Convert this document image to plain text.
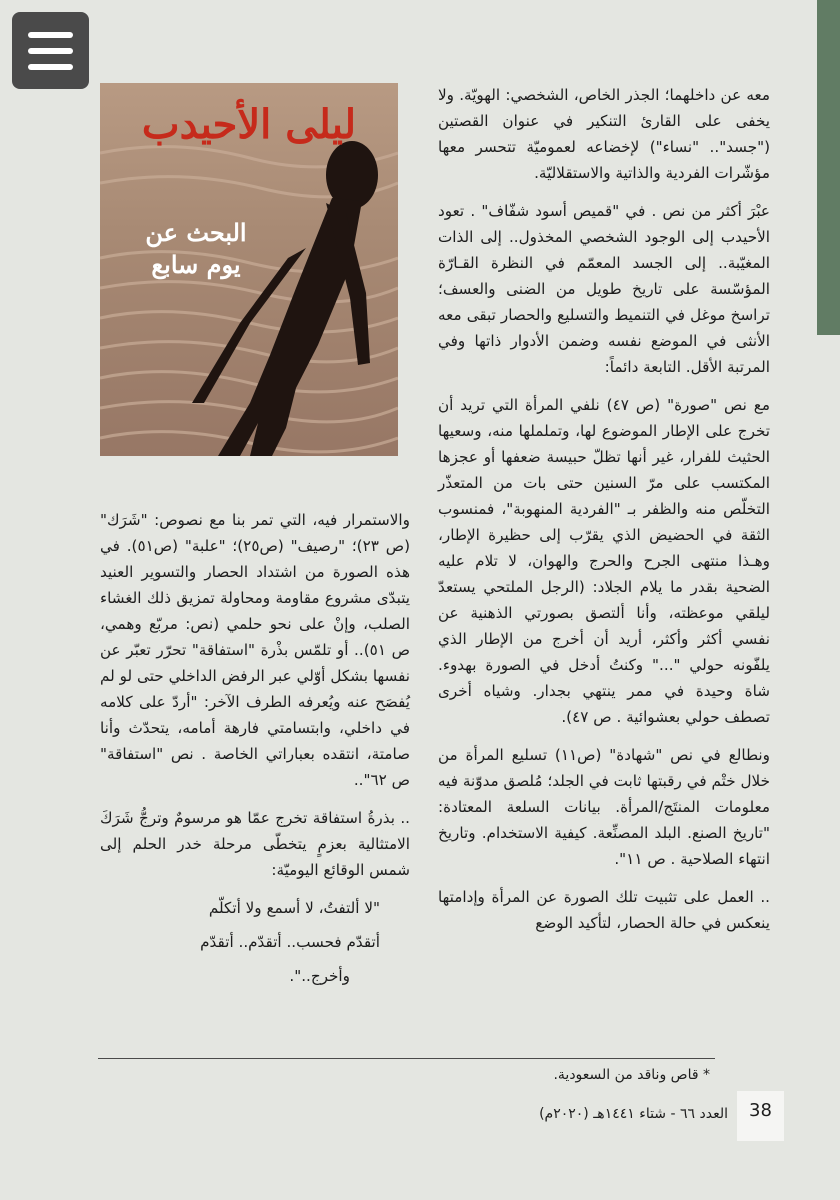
ليلى الأحيدب
البحث عن
يوم سابع

معه عن داخلهما؛ الجذر الخاص، الشخصي: الهويّة. ولا يخفى على القارئ التنكير في عنوان القصتين ("جسد".. "نساء") لإخضاعه لعموميّة تتحسر معها مؤشّرات الفردية والذاتية والاستقلاليّة.

عبْرَ أكثر من نص . في "قميص أسود شفّاف" . تعود الأحيدب إلى الوجود الشخصي المخذول.. إلى الذات المغيّبة.. إلى الجسد المعمّم في النظرة القـارّة المؤسّسة على تاريخ طويل من الضنى والعسف؛ تراسخ موغل في التنميط والتسليع والحصار تبقى معه الأنثى في الموضع نفسه وضمن الأدوار ذاتها وفي المرتبة الأقل. التابعة دائماً:

مع نص "صورة" (ص ٤٧) نلفي المرأة التي تريد أن تخرج على الإطار الموضوع لها، وتململها منه، وسعيها الحثيث للفرار، غير أنها تظلّ حبيسة ضعفها أو عجزها المكتسب على مرّ السنين حتى بات من المتعذّر التخلّص منه والظفر بـ "الفردية المنهوبة"، فمنسوب الثقة في الحضيض الذي يقرّب إلى حظيرة الإطار، وهـذا منتهى الجرح والحرج والهوان، لا تلام عليه الضحية بقدر ما يلام الجلاد: (الرجل الملتحي يستعدّ ليلقي موعظته، وأنا ألتصق بصورتي الذهنية عن نفسي أكثر وأكثر، أريد أن أخرج من الإطار الذي يلفّونه حولي "..." وكنتُ أدخل في الصورة بهدوء. شاة وحيدة في ممر ينتهي بجدار. وشياه أخرى تصطف حولي بعشوائية . ص ٤٧).

ونطالع في نص "شهادة" (ص١١) تسليع المرأة من خلال ختْم في رقبتها ثابت في الجلد؛ مُلصق مدوّنة فيه معلومات المنتَج/المرأة. بيانات السلعة المعتادة: "تاريخ الصنع. البلد المصنِّعة. كيفية الاستخدام. وتاريخ انتهاء الصلاحية . ص ١١".

.. العمل على تثبيت تلك الصورة عن المرأة وإدامتها ينعكس في حالة الحصار، لتأكيد الوضع

والاستمرار فيه، التي تمر بنا مع نصوص: "شَرَك" (ص ٢٣)؛ "رصيف" (ص٢٥)؛ "علبة" (ص٥١). في هذه الصورة من اشتداد الحصار والتسوير العنيد يتبدّى مشروع مقاومة ومحاولة تمزيق ذلك الغشاء الصلب، وإنْ على نحو حلمي (نص: مربّع وهمي، ص ٥١).. أو تلمّس بذْرة "استفاقة" تحرّر تعبّر عن نفسها بشكل أوّلي عبر الرفض الداخلي حتى لو لم يُفصَح عنه ويُعرفه الطرف الآخر: "أردّ على كلامه في داخلي، وابتسامتي فارهة أمامه، يتحدّث وأنا صامتة، انتقده بعباراتي الخاصة . نص "استفاقة" ص ٦٢"..

.. بذرةُ استفاقة تخرج عمّا هو مرسومٌ وترجُّ شَرَكَ الامتثالية بعزمٍ يتخطّى مرحلة خدر الحلم إلى شمس الوقائع اليوميّة:

"لا ألتفتُ، لا أسمع ولا أتكلّم
أتقدّم فحسب.. أتقدّم.. أتقدّم
وأخرج..".
* قاص وناقد من السعودية.
38
العدد ٦٦ - شتاء ١٤٤١هـ (٢٠٢٠م)
